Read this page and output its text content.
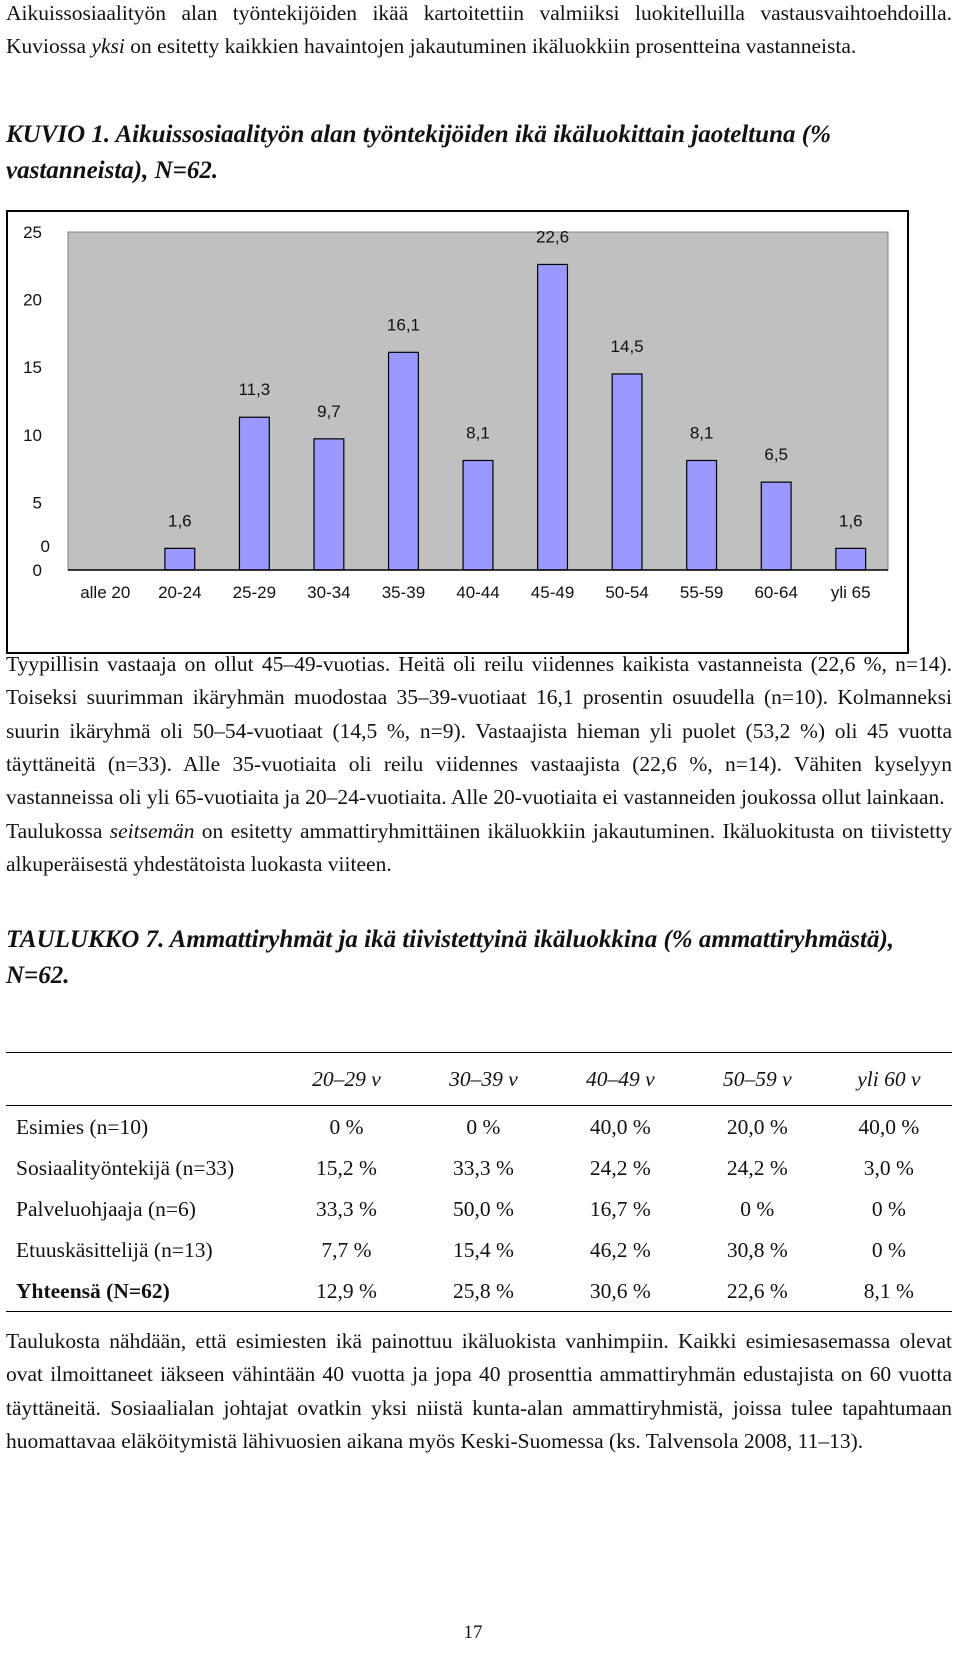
Aikuissosiaalityön alan työntekijöiden ikää kartoitettiin valmiiksi luokitelluilla vastausvaihtoehdoilla. Kuviossa yksi on esitetty kaikkien havaintojen jakautuminen ikäluokkiin prosentteina vastanneista.

KUVIO 1. Aikuissosiaalityön alan työntekijöiden ikä ikäluokittain jaoteltuna (% vastanneista), N=62.

0
5
10
15
20
25
0
alle 20
1,6
20-24
11,3
25-29
9,7
30-34
16,1
35-39
8,1
40-44
22,6
45-49
14,5
50-54
8,1
55-59
6,5
60-64
1,6
yli 65

Tyypillisin vastaaja on ollut 45–49-vuotias. Heitä oli reilu viidennes kaikista vastanneista (22,6 %, n=14). Toiseksi suurimman ikäryhmän muodostaa 35–39-vuotiaat 16,1 prosentin osuudella (n=10). Kolmanneksi suurin ikäryhmä oli 50–54-vuotiaat (14,5 %, n=9). Vastaajista hieman yli puolet (53,2 %) oli 45 vuotta täyttäneitä (n=33). Alle 35-vuotiaita oli reilu viidennes vastaajista (22,6 %, n=14). Vähiten kyselyyn vastanneissa oli yli 65-vuotiaita ja 20–24-vuotiaita. Alle 20-vuotiaita ei vastanneiden joukossa ollut lainkaan.

Taulukossa seitsemän on esitetty ammattiryhmittäinen ikäluokkiin jakautuminen. Ikäluokitusta on tiivistetty alkuperäisestä yhdestätoista luokasta viiteen.

TAULUKKO 7. Ammattiryhmät ja ikä tiivistettyinä ikäluokkina (% ammattiryhmästä), N=62.

	20–29 v	30–39 v	40–49 v	50–59 v	yli 60 v
Esimies (n=10)	0 %	0 %	40,0 %	20,0 %	40,0 %
Sosiaalityöntekijä (n=33)	15,2 %	33,3 %	24,2 %	24,2 %	3,0 %
Palveluohjaaja (n=6)	33,3 %	50,0 %	16,7 %	0 %	0 %
Etuuskäsittelijä (n=13)	7,7 %	15,4 %	46,2 %	30,8 %	0 %
Yhteensä (N=62)	12,9 %	25,8 %	30,6 %	22,6 %	8,1 %

Taulukosta nähdään, että esimiesten ikä painottuu ikäluokista vanhimpiin. Kaikki esimiesasemassa olevat ovat ilmoittaneet iäkseen vähintään 40 vuotta ja jopa 40 prosenttia ammattiryhmän edustajista on 60 vuotta täyttäneitä. Sosiaalialan johtajat ovatkin yksi niistä kunta-alan ammattiryhmistä, joissa tulee tapahtumaan huomattavaa eläköitymistä lähivuosien aikana myös Keski-Suomessa (ks. Talvensola 2008, 11–13).

17
